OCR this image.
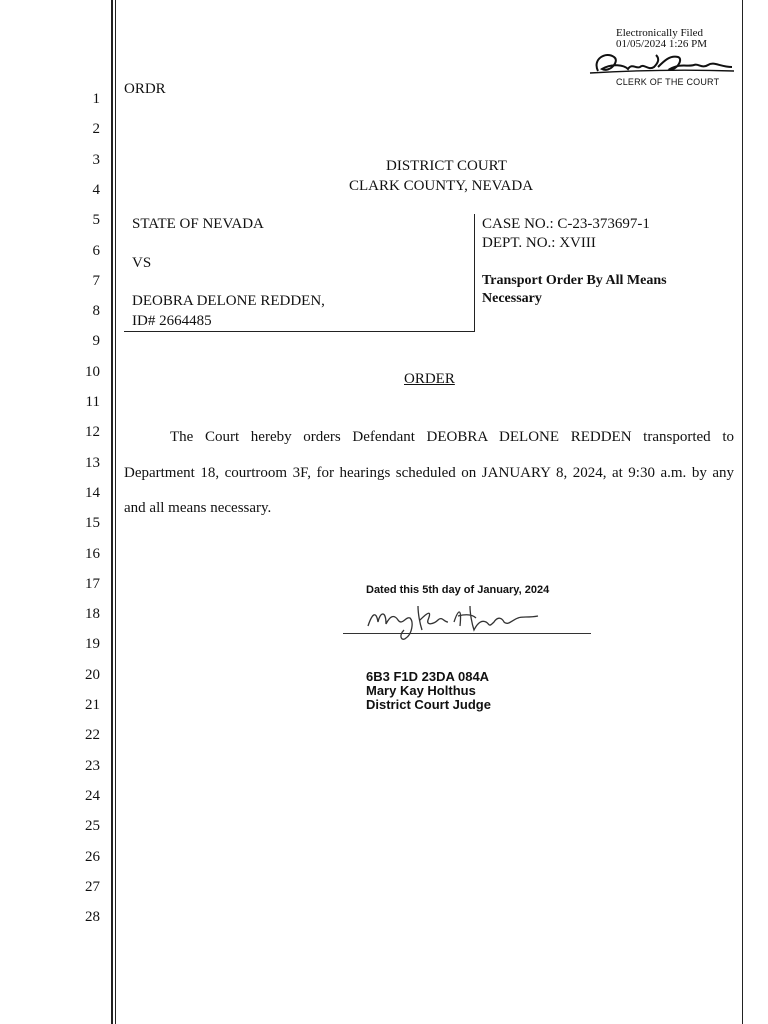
1
2
3
4
5
6
7
8
9
10
11
12
13
14
15
16
17
18
19
20
21
22
23
24
25
26
27
28
Electronically Filed
01/05/2024 1:26 PM
CLERK OF THE COURT
ORDR
DISTRICT COURT
CLARK COUNTY, NEVADA
STATE OF NEVADA
VS
DEOBRA DELONE REDDEN,
ID# 2664485
CASE NO.: C-23-373697-1
DEPT. NO.: XVIII
Transport Order By All Means
Necessary
ORDER
The Court hereby orders Defendant DEOBRA DELONE REDDEN transported to
Department 18, courtroom 3F, for hearings scheduled on JANUARY 8, 2024, at 9:30 a.m. by any
and all means necessary.
Dated this 5th day of January, 2024
6B3 F1D 23DA 084A
Mary Kay Holthus
District Court Judge
